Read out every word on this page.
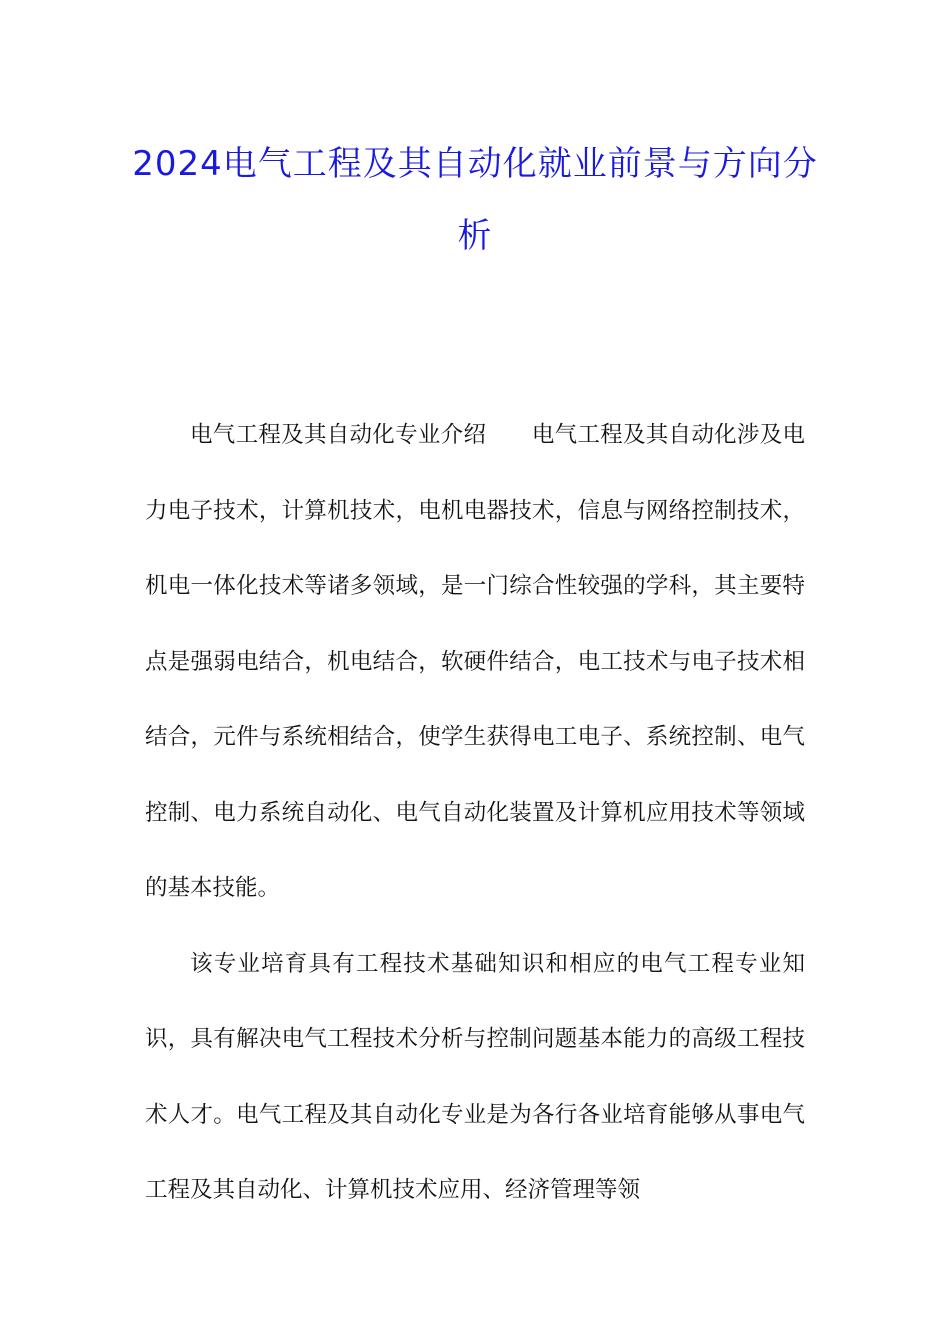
2024电气工程及其自动化就业前景与方向分析

电气工程及其自动化专业介绍　　电气工程及其自动化涉及电力电子技术，计算机技术，电机电器技术，信息与网络控制技术，机电一体化技术等诸多领域，是一门综合性较强的学科，其主要特点是强弱电结合，机电结合，软硬件结合，电工技术与电子技术相结合，元件与系统相结合，使学生获得电工电子、系统控制、电气控制、电力系统自动化、电气自动化装置及计算机应用技术等领域的基本技能。

该专业培育具有工程技术基础知识和相应的电气工程专业知识，具有解决电气工程技术分析与控制问题基本能力的高级工程技术人才。电气工程及其自动化专业是为各行各业培育能够从事电气工程及其自动化、计算机技术应用、经济管理等领
